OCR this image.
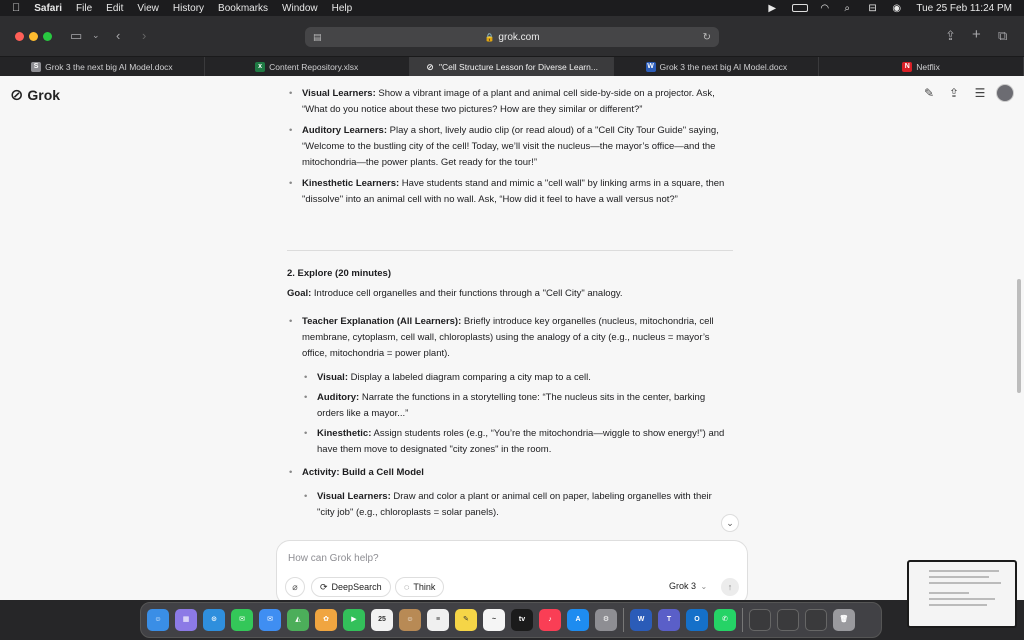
Safari File Edit View History Bookmarks Window Help	▶	◠	⌕	⊟	◉	Tue 25 Feb 11:24 PM
▭ ⌄ ‹ ›	▤	🔒 grok.com	↻	⇪ + ⧉
S Grok 3 the next big AI Model.docx	x Content Repository.xlsx	⊘ "Cell Structure Lesson for Diverse Learn...	W Grok 3 the next big AI Model.docx	N Netflix
⊘ Grok	✎ ⇪ ☰
• Visual Learners: Show a vibrant image of a plant and animal cell side-by-side on a projector. Ask, “What do you notice about these two pictures? How are they similar or different?”
• Auditory Learners: Play a short, lively audio clip (or read aloud) of a "Cell City Tour Guide" saying, “Welcome to the bustling city of the cell! Today, we’ll visit the nucleus—the mayor’s office—and the mitochondria—the power plants. Get ready for the tour!”
• Kinesthetic Learners: Have students stand and mimic a "cell wall" by linking arms in a square, then "dissolve" into an animal cell with no wall. Ask, “How did it feel to have a wall versus not?”
2. Explore (20 minutes)
Goal: Introduce cell organelles and their functions through a "Cell City" analogy.
• Teacher Explanation (All Learners): Briefly introduce key organelles (nucleus, mitochondria, cell membrane, cytoplasm, cell wall, chloroplasts) using the analogy of a city (e.g., nucleus = mayor’s office, mitochondria = power plant).
• Visual: Display a labeled diagram comparing a city map to a cell.
• Auditory: Narrate the functions in a storytelling tone: “The nucleus sits in the center, barking orders like a mayor...”
• Kinesthetic: Assign students roles (e.g., “You’re the mitochondria—wiggle to show energy!”) and have them move to designated "city zones" in the room.
• Activity: Build a Cell Model
• Visual Learners: Draw and color a plant or animal cell on paper, labeling organelles with their "city job" (e.g., chloroplasts = solar panels).
⌄
How can Grok help?
⌀	⟳ DeepSearch ◌ Think	Grok 3 ⌄	↑
☺	▦	⊙	✉	✉	◭	✿	▶	25	☺	≡	✎	~	tv	♪	A	⚙	W	T	O	✆	🗑
